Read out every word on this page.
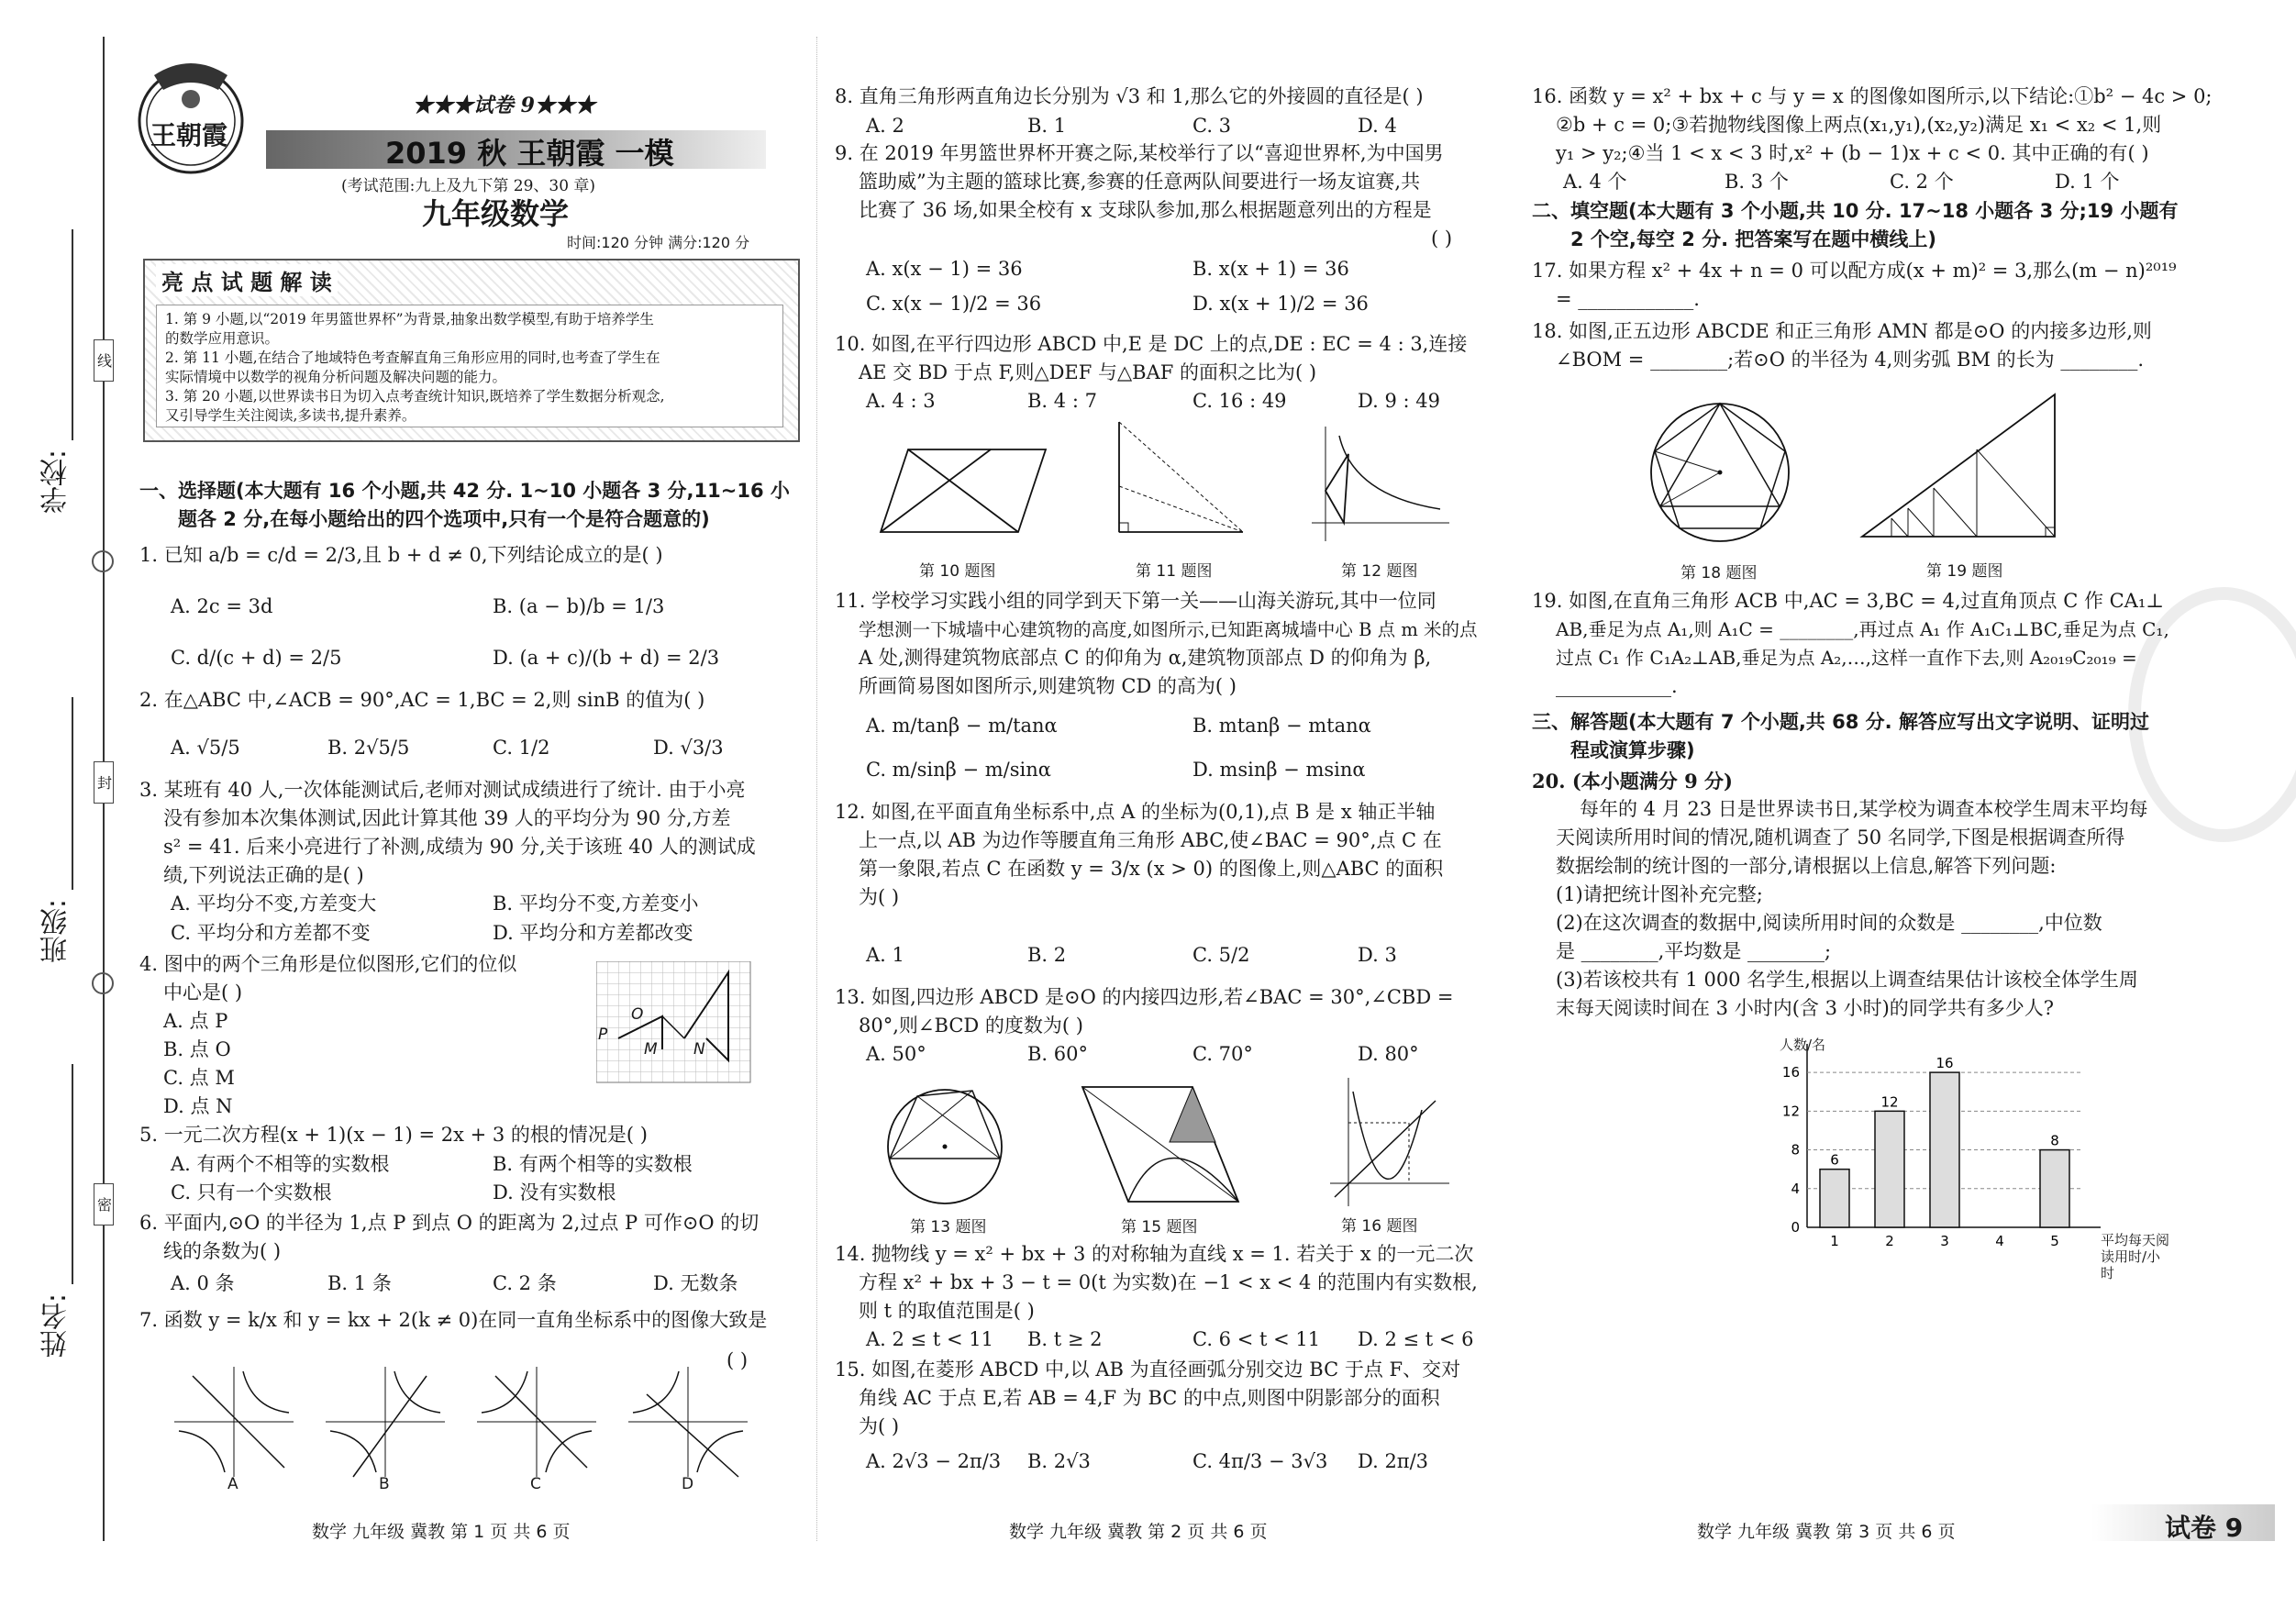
学校:
班级:
姓名:
线
封
密
王朝霞
★★★试卷 9★★★
2019 秋 王朝霞 一模
(考试范围:九上及九下第 29、30 章)
九年级数学
时间:120 分钟 满分:120 分
亮 点 试 题 解 读
1. 第 9 小题,以“2019 年男篮世界杯”为背景,抽象出数学模型,有助于培养学生
的数学应用意识。
2. 第 11 小题,在结合了地域特色考查解直角三角形应用的同时,也考查了学生在
实际情境中以数学的视角分析问题及解决问题的能力。
3. 第 20 小题,以世界读书日为切入点考查统计知识,既培养了学生数据分析观念,
又引导学生关注阅读,多读书,提升素养。
一、选择题(本大题有 16 个小题,共 42 分. 1~10 小题各 3 分,11~16 小
题各 2 分,在每小题给出的四个选项中,只有一个是符合题意的)
1. 已知 a/b = c/d = 2/3,且 b + d ≠ 0,下列结论成立的是( )
A. 2c = 3d	B. (a − b)/b = 1/3
C. d/(c + d) = 2/5	D. (a + c)/(b + d) = 2/3
2. 在△ABC 中,∠ACB = 90°,AC = 1,BC = 2,则 sinB 的值为( )
A. √5/5	B. 2√5/5	C. 1/2	D. √3/3
3. 某班有 40 人,一次体能测试后,老师对测试成绩进行了统计. 由于小亮
没有参加本次集体测试,因此计算其他 39 人的平均分为 90 分,方差
s² = 41. 后来小亮进行了补测,成绩为 90 分,关于该班 40 人的测试成
绩,下列说法正确的是( )
A. 平均分不变,方差变大	B. 平均分不变,方差变小
C. 平均分和方差都不变	D. 平均分和方差都改变
4. 图中的两个三角形是位似图形,它们的位似
中心是( )
A. 点 P
B. 点 O
C. 点 M
D. 点 N
P
O
M N
5. 一元二次方程(x + 1)(x − 1) = 2x + 3 的根的情况是( )
A. 有两个不相等的实数根	B. 有两个相等的实数根
C. 只有一个实数根	D. 没有实数根
6. 平面内,⊙O 的半径为 1,点 P 到点 O 的距离为 2,过点 P 可作⊙O 的切
线的条数为( )
A. 0 条	B. 1 条	C. 2 条	D. 无数条
7. 函数 y = k/x 和 y = kx + 2(k ≠ 0)在同一直角坐标系中的图像大致是
( )
A	B	C	D
数学 九年级 冀教 第 1 页 共 6 页
8. 直角三角形两直角边长分别为 √3 和 1,那么它的外接圆的直径是( )
A. 2	B. 1	C. 3	D. 4
9. 在 2019 年男篮世界杯开赛之际,某校举行了以“喜迎世界杯,为中国男
篮助威”为主题的篮球比赛,参赛的任意两队间要进行一场友谊赛,共
比赛了 36 场,如果全校有 x 支球队参加,那么根据题意列出的方程是
( )
A. x(x − 1) = 36	B. x(x + 1) = 36
C. x(x − 1)/2 = 36	D. x(x + 1)/2 = 36
10. 如图,在平行四边形 ABCD 中,E 是 DC 上的点,DE : EC = 4 : 3,连接
AE 交 BD 于点 F,则△DEF 与△BAF 的面积之比为( )
A. 4 : 3	B. 4 : 7	C. 16 : 49	D. 9 : 49
第 10 题图	第 11 题图	第 12 题图
11. 学校学习实践小组的同学到天下第一关——山海关游玩,其中一位同
学想测一下城墙中心建筑物的高度,如图所示,已知距离城墙中心 B 点 m 米的点
A 处,测得建筑物底部点 C 的仰角为 α,建筑物顶部点 D 的仰角为 β,
所画简易图如图所示,则建筑物 CD 的高为( )
A. m/tanβ − m/tanα	B. mtanβ − mtanα
C. m/sinβ − m/sinα	D. msinβ − msinα
12. 如图,在平面直角坐标系中,点 A 的坐标为(0,1),点 B 是 x 轴正半轴
上一点,以 AB 为边作等腰直角三角形 ABC,使∠BAC = 90°,点 C 在
第一象限,若点 C 在函数 y = 3/x (x > 0) 的图像上,则△ABC 的面积
为( )
A. 1	B. 2	C. 5/2	D. 3
13. 如图,四边形 ABCD 是⊙O 的内接四边形,若∠BAC = 30°,∠CBD =
80°,则∠BCD 的度数为( )
A. 50°	B. 60°	C. 70°	D. 80°
第 13 题图	第 15 题图	第 16 题图
14. 抛物线 y = x² + bx + 3 的对称轴为直线 x = 1. 若关于 x 的一元二次
方程 x² + bx + 3 − t = 0(t 为实数)在 −1 < x < 4 的范围内有实数根,
则 t 的取值范围是( )
A. 2 ≤ t < 11 B. t ≥ 2	C. 6 < t < 11 D. 2 ≤ t < 6
15. 如图,在菱形 ABCD 中,以 AB 为直径画弧分别交边 BC 于点 F、交对
角线 AC 于点 E,若 AB = 4,F 为 BC 的中点,则图中阴影部分的面积
为( )
A. 2√3 − 2π/3 B. 2√3	C. 4π/3 − 3√3 D. 2π/3
数学 九年级 冀教 第 2 页 共 6 页
16. 函数 y = x² + bx + c 与 y = x 的图像如图所示,以下结论:①b² − 4c > 0;
②b + c = 0;③若抛物线图像上两点(x₁,y₁),(x₂,y₂)满足 x₁ < x₂ < 1,则
y₁ > y₂;④当 1 < x < 3 时,x² + (b − 1)x + c < 0. 其中正确的有( )
A. 4 个	B. 3 个	C. 2 个	D. 1 个
二、填空题(本大题有 3 个小题,共 10 分. 17~18 小题各 3 分;19 小题有
2 个空,每空 2 分. 把答案写在题中横线上)
17. 如果方程 x² + 4x + n = 0 可以配方成(x + m)² = 3,那么(m − n)²⁰¹⁹
= ____________.
18. 如图,正五边形 ABCDE 和正三角形 AMN 都是⊙O 的内接多边形,则
∠BOM = ________;若⊙O 的半径为 4,则劣弧 BM 的长为 ________.
第 18 题图	第 19 题图
19. 如图,在直角三角形 ACB 中,AC = 3,BC = 4,过直角顶点 C 作 CA₁⊥
AB,垂足为点 A₁,则 A₁C = ________,再过点 A₁ 作 A₁C₁⊥BC,垂足为点 C₁,
过点 C₁ 作 C₁A₂⊥AB,垂足为点 A₂,…,这样一直作下去,则 A₂₀₁₉C₂₀₁₉ =
____________.
三、解答题(本大题有 7 个小题,共 68 分. 解答应写出文字说明、证明过
程或演算步骤)
20. (本小题满分 9 分)
每年的 4 月 23 日是世界读书日,某学校为调查本校学生周末平均每
天阅读所用时间的情况,随机调查了 50 名同学,下图是根据调查所得
数据绘制的统计图的一部分,请根据以上信息,解答下列问题:
(1)请把统计图补充完整;
(2)在这次调查的数据中,阅读所用时间的众数是 ________,中位数
是 ________,平均数是 ________;
(3)若该校共有 1 000 名学生,根据以上调查结果估计该校全体学生周
末每天阅读时间在 3 小时内(含 3 小时)的同学共有多少人?
0
4
8
12
16
1
6
2
12
3
16
4	5
8
人数/名
平均每天阅读用时/小时
数学 九年级 冀教 第 3 页 共 6 页	试卷 9
